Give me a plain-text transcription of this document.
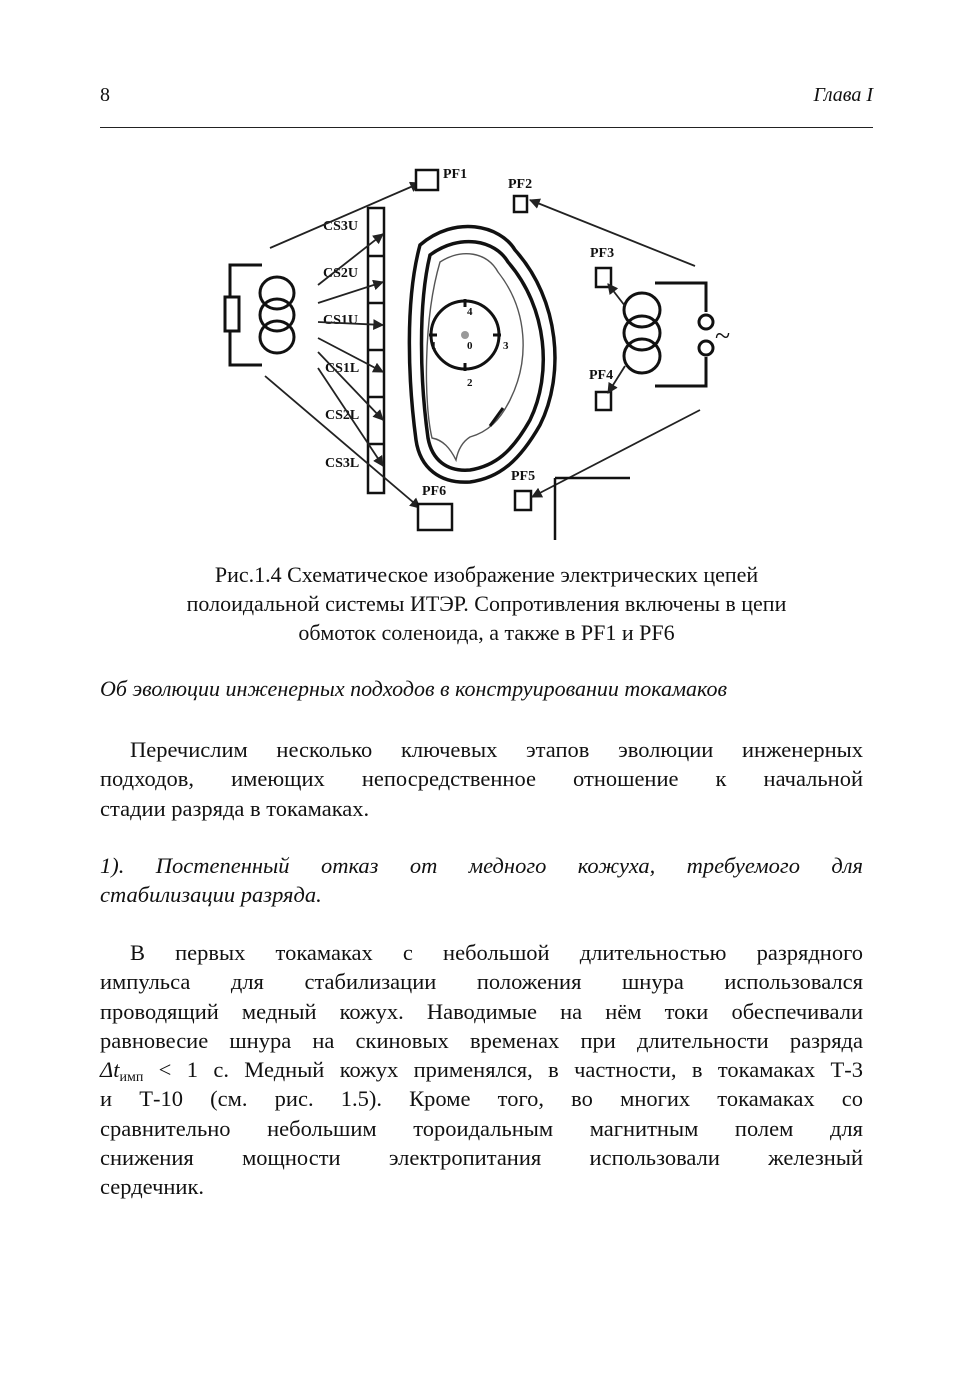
8	Глава I
CS3U
CS2U
CS1U
CS1L
CS2L
CS3L
PF1
PF2
PF3
PF4
PF5
PF6
0
1
2
3
4
~
Рис.1.4 Схематическое изображение электрических цепей
полоидальной системы ИТЭР. Сопротивления включены в цепи
обмоток соленоида, а также в PF1 и PF6
Об эволюции инженерных подходов в конструировании токамаков
Перечислим несколько ключевых этапов эволюции инженерных
подходов, имеющих непосредственное отношение к начальной
стадии разряда в токамаках.
1). Постепенный отказ от медного кожуха, требуемого для
стабилизации разряда.
В первых токамаках с небольшой длительностью разрядного
импульса для стабилизации положения шнура использовался
проводящий медный кожух. Наводимые на нём токи обеспечивали
равновесие шнура на скиновых временах при длительности разряда
$\Delta t_{имп} < 1$ с. Медный кожух применялся, в частности, в токамаках Т-3
и Т-10 (см. рис. 1.5). Кроме того, во многих токамаках со
сравнительно небольшим тороидальным магнитным полем для
снижения мощности электропитания использовали железный
сердечник.
